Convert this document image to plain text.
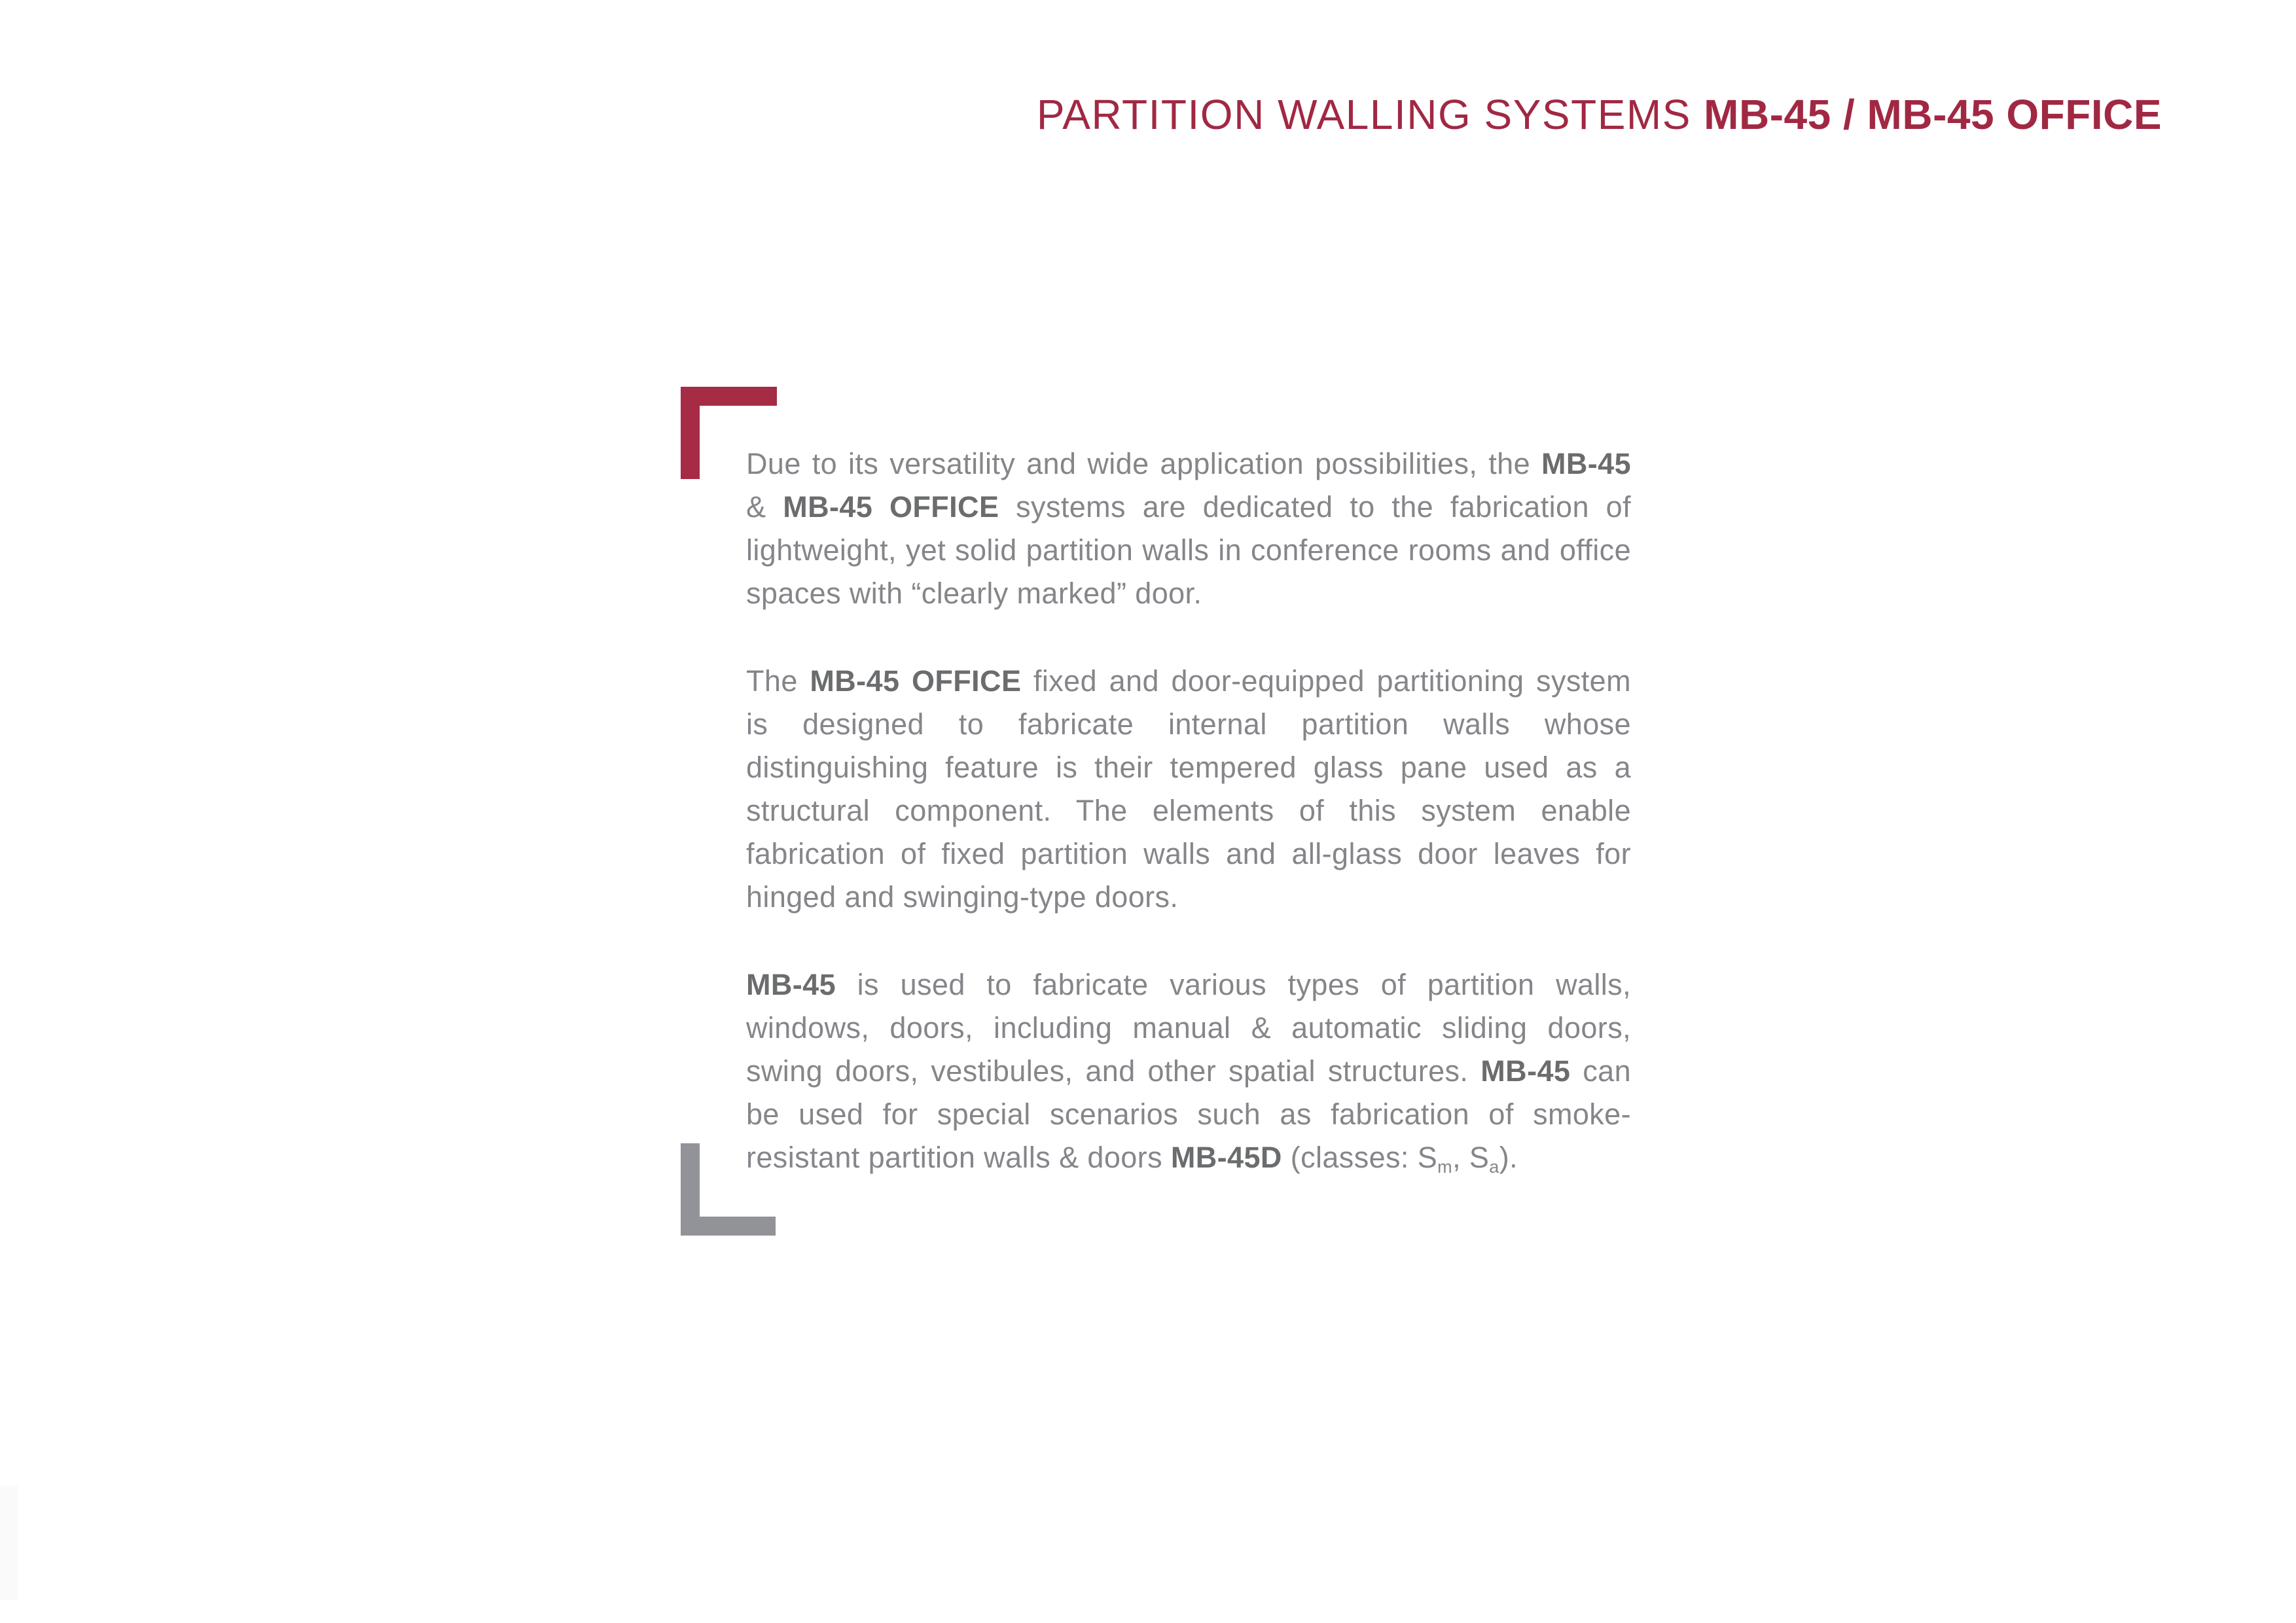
PARTITION WALLING SYSTEMS MB-45 / MB-45 OFFICE

Due to its versatility and wide application possibilities, the MB-45 & MB-45 OFFICE systems are dedicated to the fabrication of lightweight, yet solid partition walls in conference rooms and office spaces with “clearly marked” door.

The MB-45 OFFICE fixed and door-equipped partitioning system is designed to fabricate internal partition walls whose distinguishing feature is their tempered glass pane used as a structural component. The elements of this system enable fabrication of fixed partition walls and all-glass door leaves for hinged and swinging-type doors.

MB-45 is used to fabricate various types of partition walls, windows, doors, including manual & automatic sliding doors, swing doors, vestibules, and other spatial structures. MB-45 can be used for special scenarios such as fabrication of smoke-resistant partition walls & doors MB-45D (classes: Sm, Sa).
